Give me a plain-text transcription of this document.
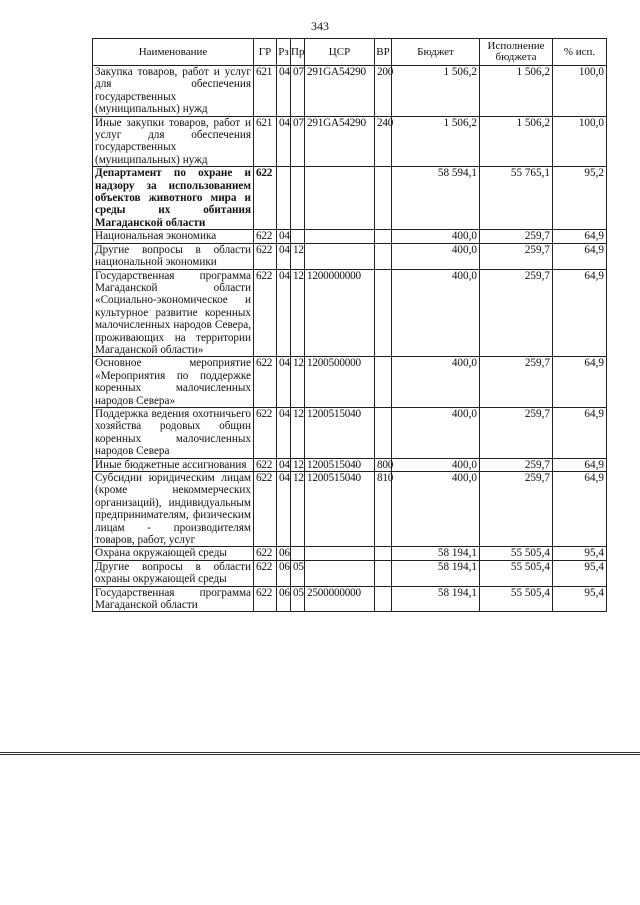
343
Наименование	ГР	Рз	Пр	ЦСР	ВР	Бюджет	Исполнение бюджета	% исп.
Закупка товаров, работ и услуг для обеспечения государственных (муниципальных) нужд	621	04	07	291GA54290	200	1 506,2	1 506,2	100,0
Иные закупки товаров, работ и услуг для обеспечения государственных (муниципальных) нужд	621	04	07	291GA54290	240	1 506,2	1 506,2	100,0
Департамент по охране и надзору за использованием объектов животного мира и среды их обитания Магаданской области	622					58 594,1	55 765,1	95,2
Национальная экономика	622	04				400,0	259,7	64,9
Другие вопросы в области национальной экономики	622	04	12			400,0	259,7	64,9
Государственная программа Магаданской области «Социально-экономическое и культурное развитие коренных малочисленных народов Севера, проживающих на территории Магаданской области»	622	04	12	1200000000		400,0	259,7	64,9
Основное мероприятие «Мероприятия по поддержке коренных малочисленных народов Севера»	622	04	12	1200500000		400,0	259,7	64,9
Поддержка ведения охотничьего хозяйства родовых общин коренных малочисленных народов Севера	622	04	12	1200515040		400,0	259,7	64,9
Иные бюджетные ассигнования	622	04	12	1200515040	800	400,0	259,7	64,9
Субсидии юридическим лицам (кроме некоммерческих организаций), индивидуальным предпринимателям, физическим лицам - производителям товаров, работ, услуг	622	04	12	1200515040	810	400,0	259,7	64,9
Охрана окружающей среды	622	06				58 194,1	55 505,4	95,4
Другие вопросы в области охраны окружающей среды	622	06	05			58 194,1	55 505,4	95,4
Государственная программа Магаданской области	622	06	05	2500000000		58 194,1	55 505,4	95,4
